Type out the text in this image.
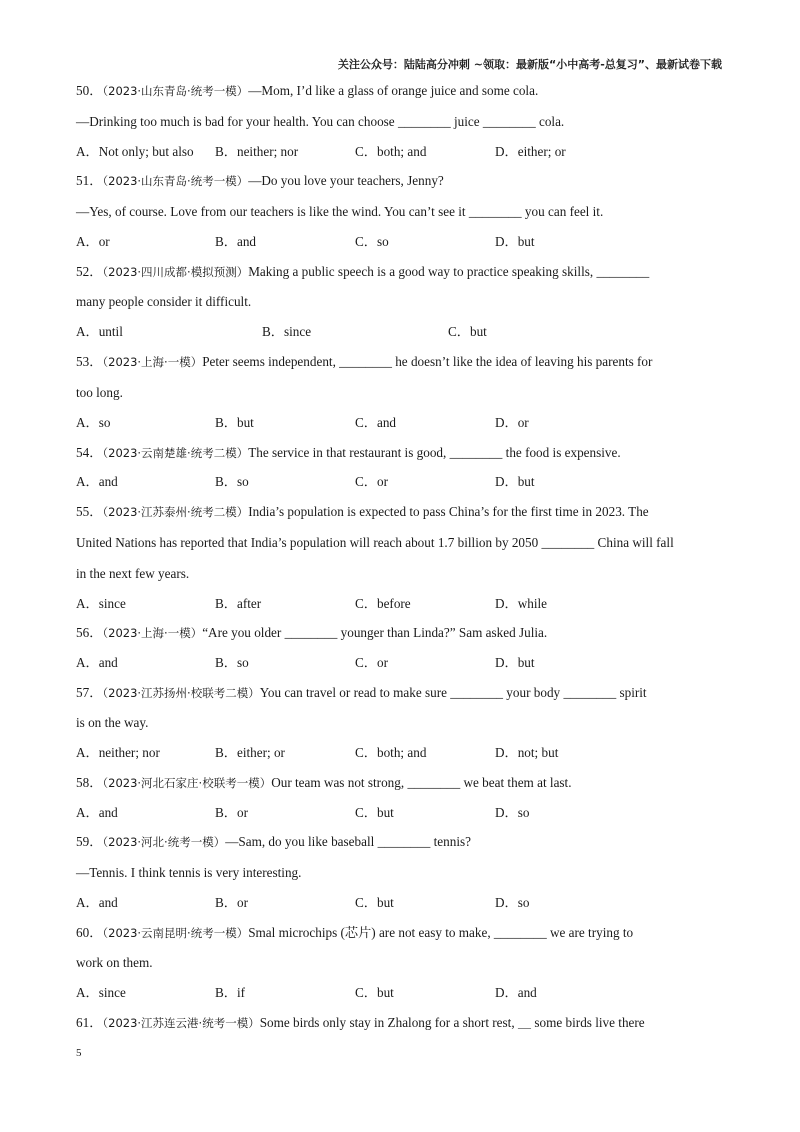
关注公众号：陆陆高分冲刺 ~领取：最新版“小中高考-总复习”、最新试卷下载
50．（2023·山东青岛·统考一模）—Mom, I’d like a glass of orange juice and some cola.
—Drinking too much is bad for your health. You can choose ________ juice ________ cola.
A．Not only; but also B．neither; nor	C．both; and	D．either; or
51．（2023·山东青岛·统考一模）—Do you love your teachers, Jenny?
—Yes, of course. Love from our teachers is like the wind. You can’t see it ________ you can feel it.
A．or	B．and	C．so	D．but
52．（2023·四川成都·模拟预测）Making a public speech is a good way to practice speaking skills, ________
many people consider it difficult.
A．until	B．since	C．but
53．（2023·上海·一模）Peter seems independent, ________ he doesn’t like the idea of leaving his parents for
too long.
A．so	B．but	C．and	D．or
54．（2023·云南楚雄·统考二模）The service in that restaurant is good, ________ the food is expensive.
A．and	B．so	C．or	D．but
55．（2023·江苏泰州·统考二模）India’s population is expected to pass China’s for the first time in 2023. The
United Nations has reported that India’s population will reach about 1.7 billion by 2050 ________ China will fall
in the next few years.
A．since	B．after	C．before	D．while
56．（2023·上海·一模）“Are you older ________ younger than Linda?” Sam asked Julia.
A．and	B．so	C．or	D．but
57．（2023·江苏扬州·校联考二模）You can travel or read to make sure ________ your body ________ spirit
is on the way.
A．neither; nor	B．either; or	C．both; and	D．not; but
58．（2023·河北石家庄·校联考一模）Our team was not strong, ________ we beat them at last.
A．and	B．or	C．but	D．so
59．（2023·河北·统考一模）—Sam, do you like baseball ________ tennis?
—Tennis. I think tennis is very interesting.
A．and	B．or	C．but	D．so
60．（2023·云南昆明·统考一模）Smal microchips (芯片) are not easy to make, ________ we are trying to
work on them.
A．since	B．if	C．but	D．and
61．（2023·江苏连云港·统考一模）Some birds only stay in Zhalong for a short rest, ＿ some birds live there
5
